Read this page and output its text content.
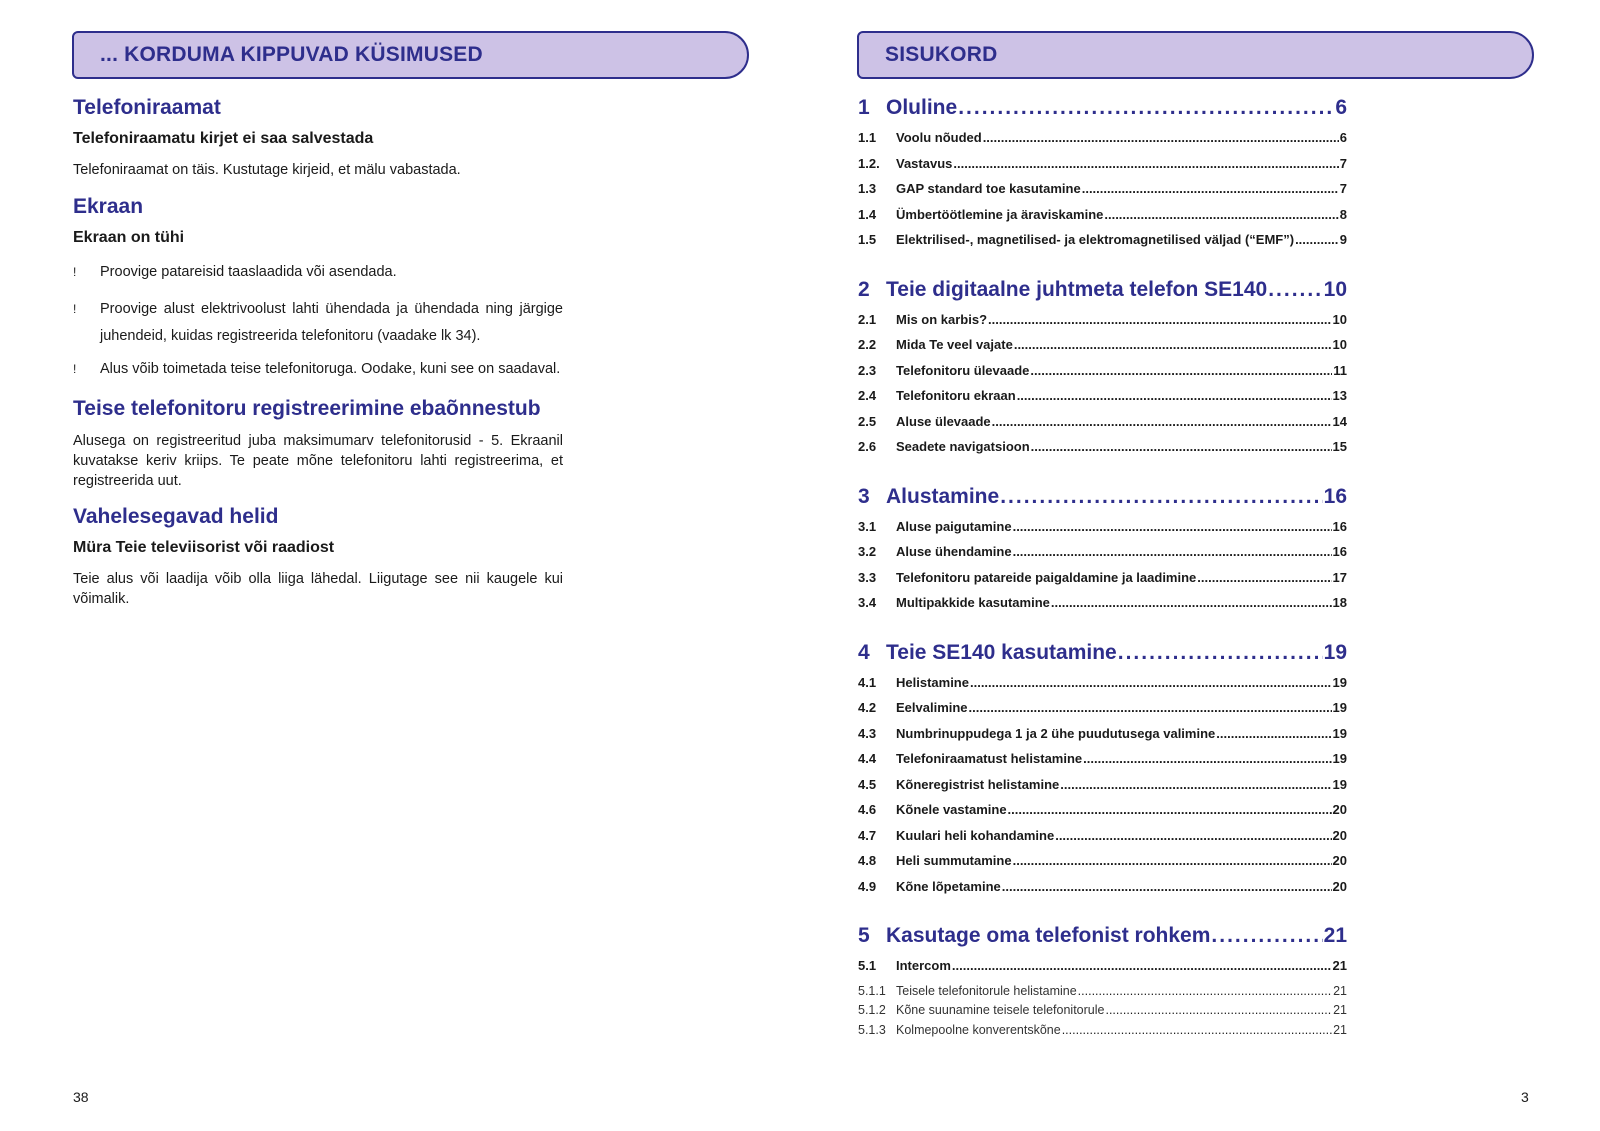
... KORDUMA KIPPUVAD KÜSIMUSED
Telefoniraamat
Telefoniraamatu kirjet ei saa salvestada
Telefoniraamat on täis. Kustutage kirjeid, et mälu vabastada.
Ekraan
Ekraan on tühi
! Proovige patareisid taaslaadida või asendada.
! Proovige alust elektrivoolust lahti ühendada ja ühendada ning järgige juhendeid, kuidas registreerida telefonitoru (vaadake lk 34).
! Alus võib toimetada teise telefonitoruga. Oodake, kuni see on saadaval.
Teise telefonitoru registreerimine ebaõnnestub
Alusega on registreeritud juba maksimumarv telefonitorusid - 5. Ekraanil kuvatakse keriv kriips. Te peate mõne telefonitoru lahti registreerima, et registreerida uut.
Vahelesegavad helid
Müra Teie televiisorist või raadiost
Teie alus või laadija võib olla liiga lähedal. Liigutage see nii kaugele kui võimalik.
38
SISUKORD
1 Oluline .....	6
1.1	Voolu nõuded .....	6
1.2.	Vastavus .....	7
1.3	GAP standard toe kasutamine .....	7
1.4	Ümbertöötlemine ja äraviskamine .....	8
1.5	Elektrilised-, magnetilised- ja elektromagnetilised väljad (“EMF”) .....	9
2 Teie digitaalne juhtmeta telefon SE140 .....	10
2.1	Mis on karbis? .....	10
2.2	Mida Te veel vajate .....	10
2.3	Telefonitoru ülevaade .....	11
2.4	Telefonitoru ekraan .....	13
2.5	Aluse ülevaade .....	14
2.6	Seadete navigatsioon .....	15
3 Alustamine .....	16
3.1	Aluse paigutamine .....	16
3.2	Aluse ühendamine .....	16
3.3	Telefonitoru patareide paigaldamine ja laadimine .....	17
3.4	Multipakkide kasutamine .....	18
4 Teie SE140 kasutamine .....	19
4.1	Helistamine .....	19
4.2	Eelvalimine .....	19
4.3	Numbrinuppudega 1 ja 2 ühe puudutusega valimine .....	19
4.4	Telefoniraamatust helistamine .....	19
4.5	Kõneregistrist helistamine .....	19
4.6	Kõnele vastamine .....	20
4.7	Kuulari heli kohandamine .....	20
4.8	Heli summutamine .....	20
4.9	Kõne lõpetamine .....	20
5 Kasutage oma telefonist rohkem .....	21
5.1	Intercom .....	21
5.1.1 Teisele telefonitorule helistamine .....	21
5.1.2 Kõne suunamine teisele telefonitorule .....	21
5.1.3 Kolmepoolne konverentskõne .....	21
3
